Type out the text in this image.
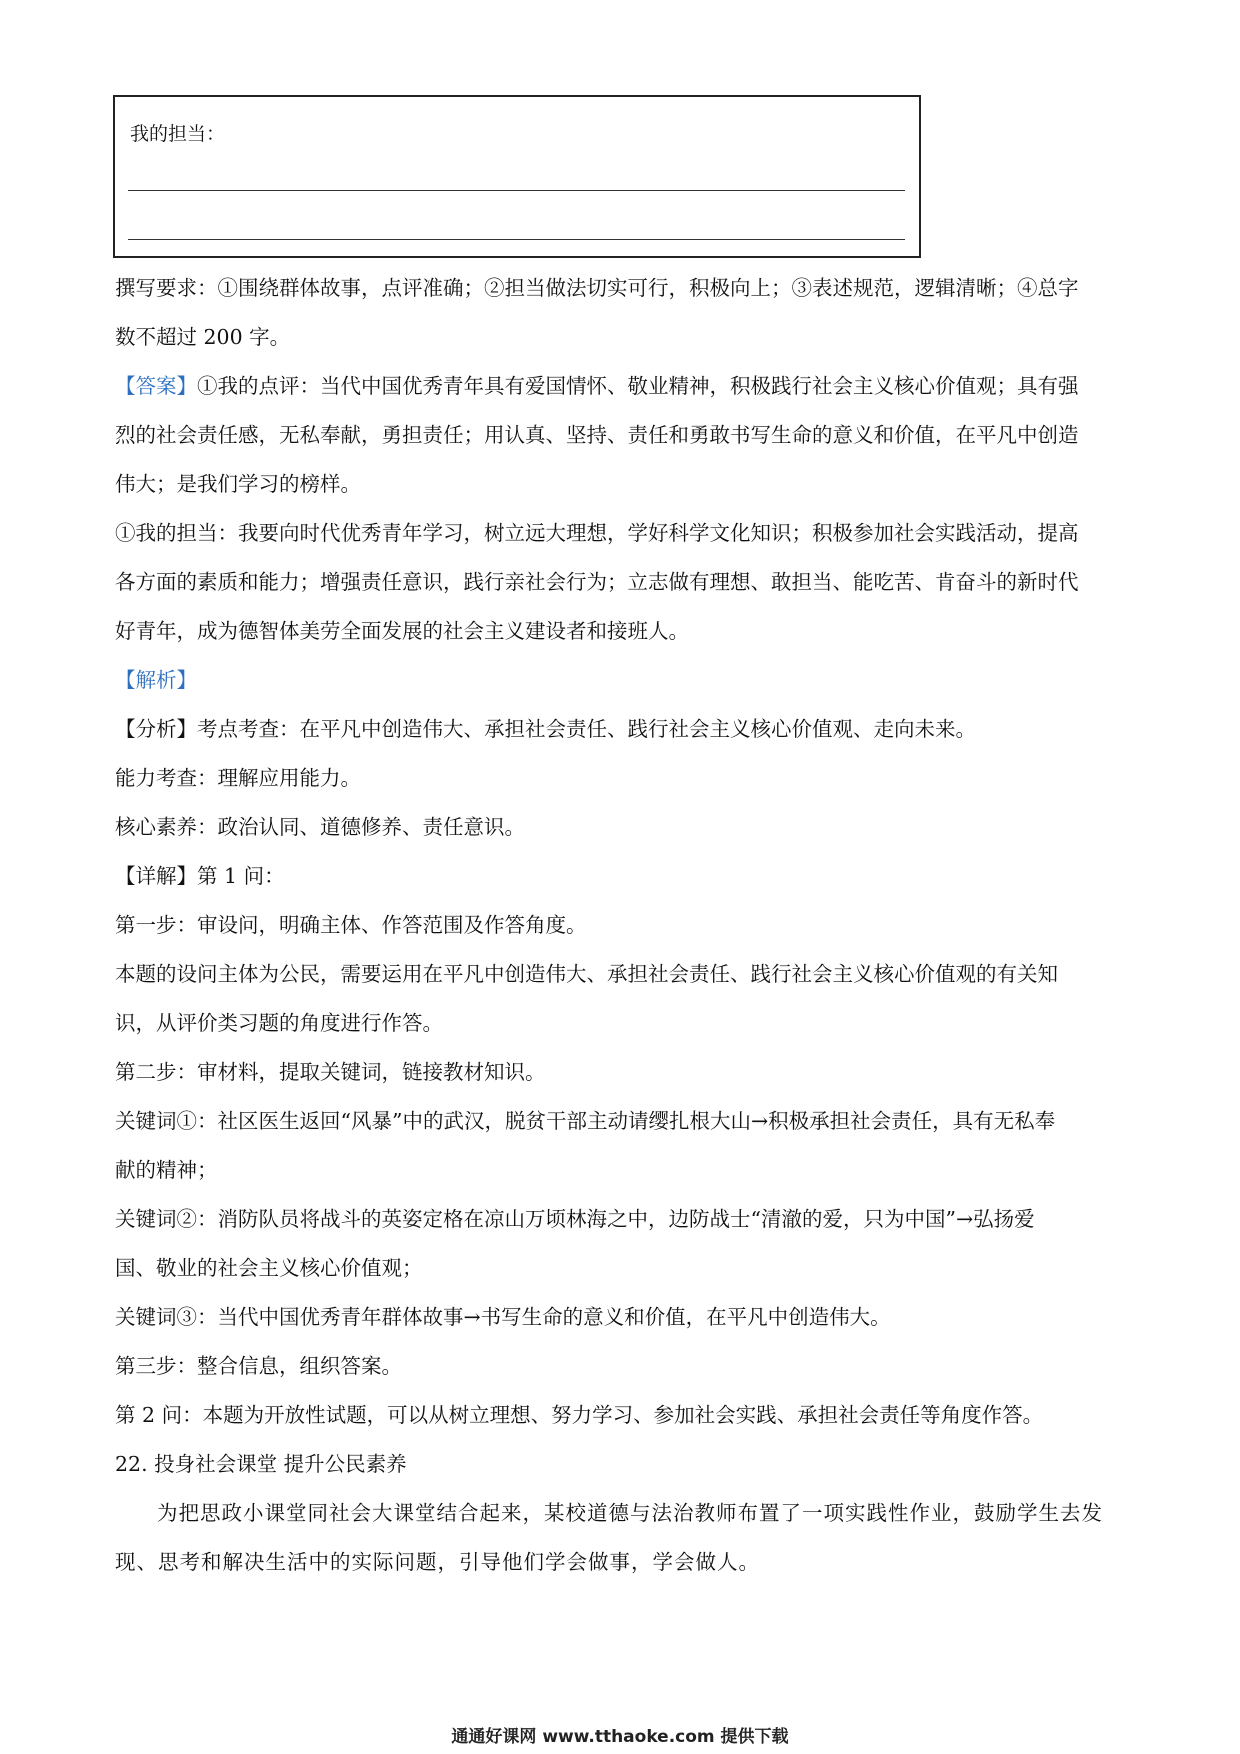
我的担当：

撰写要求：①围绕群体故事，点评准确；②担当做法切实可行，积极向上；③表述规范，逻辑清晰；④总字

数不超过 200 字。

【答案】①我的点评：当代中国优秀青年具有爱国情怀、敬业精神，积极践行社会主义核心价值观；具有强

烈的社会责任感，无私奉献，勇担责任；用认真、坚持、责任和勇敢书写生命的意义和价值，在平凡中创造

伟大；是我们学习的榜样。

①我的担当：我要向时代优秀青年学习，树立远大理想，学好科学文化知识；积极参加社会实践活动，提高

各方面的素质和能力；增强责任意识，践行亲社会行为；立志做有理想、敢担当、能吃苦、肯奋斗的新时代

好青年，成为德智体美劳全面发展的社会主义建设者和接班人。

【解析】

【分析】考点考查：在平凡中创造伟大、承担社会责任、践行社会主义核心价值观、走向未来。

能力考查：理解应用能力。

核心素养：政治认同、道德修养、责任意识。

【详解】第 1 问：

第一步：审设问，明确主体、作答范围及作答角度。

本题的设问主体为公民，需要运用在平凡中创造伟大、承担社会责任、践行社会主义核心价值观的有关知

识，从评价类习题的角度进行作答。

第二步：审材料，提取关键词，链接教材知识。

关键词①：社区医生返回“风暴”中的武汉，脱贫干部主动请缨扎根大山→积极承担社会责任，具有无私奉

献的精神；

关键词②：消防队员将战斗的英姿定格在凉山万顷林海之中，边防战士“清澈的爱，只为中国”→弘扬爱

国、敬业的社会主义核心价值观；

关键词③：当代中国优秀青年群体故事→书写生命的意义和价值，在平凡中创造伟大。

第三步：整合信息，组织答案。

第 2 问：本题为开放性试题，可以从树立理想、努力学习、参加社会实践、承担社会责任等角度作答。

22. 投身社会课堂 提升公民素养

为把思政小课堂同社会大课堂结合起来，某校道德与法治教师布置了一项实践性作业，鼓励学生去发现、思考和解决生活中的实际问题，引导他们学会做事，学会做人。

通通好课网 www.tthaoke.com 提供下载
